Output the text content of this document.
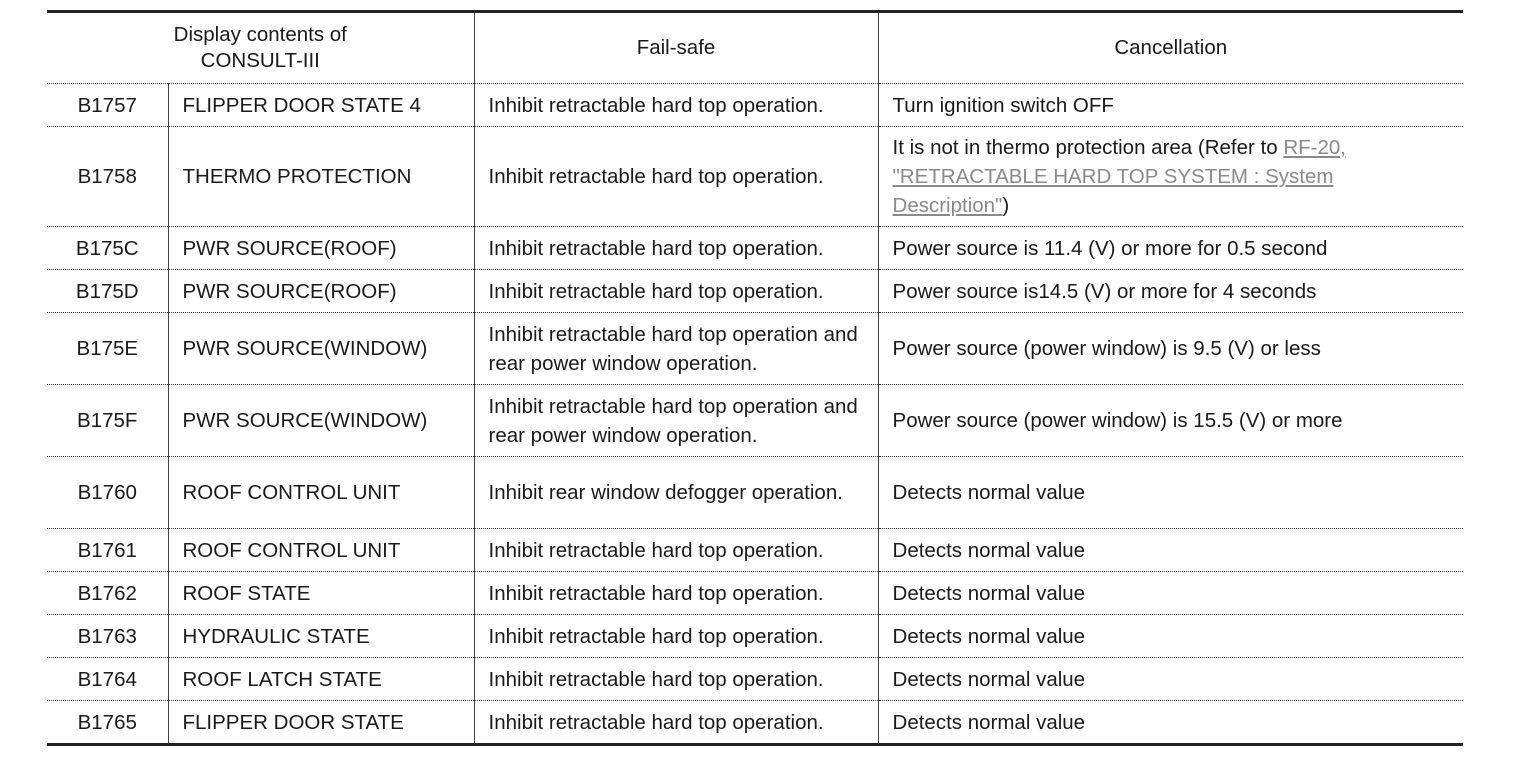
Display contents of
CONSULT-III		Fail-safe	Cancellation
B1757	FLIPPER DOOR STATE 4	Inhibit retractable hard top operation.	Turn ignition switch OFF
B1758	THERMO PROTECTION	Inhibit retractable hard top operation.	It is not in thermo protection area (Refer to RF-20, "RETRACTABLE HARD TOP SYSTEM : System Description")
B175C	PWR SOURCE(ROOF)	Inhibit retractable hard top operation.	Power source is 11.4 (V) or more for 0.5 second
B175D	PWR SOURCE(ROOF)	Inhibit retractable hard top operation.	Power source is14.5 (V) or more for 4 seconds
B175E	PWR SOURCE(WINDOW)	Inhibit retractable hard top operation and rear power window operation.	Power source (power window) is 9.5 (V) or less
B175F	PWR SOURCE(WINDOW)	Inhibit retractable hard top operation and rear power window operation.	Power source (power window) is 15.5 (V) or more
B1760	ROOF CONTROL UNIT	Inhibit rear window defogger operation.	Detects normal value
B1761	ROOF CONTROL UNIT	Inhibit retractable hard top operation.	Detects normal value
B1762	ROOF STATE	Inhibit retractable hard top operation.	Detects normal value
B1763	HYDRAULIC STATE	Inhibit retractable hard top operation.	Detects normal value
B1764	ROOF LATCH STATE	Inhibit retractable hard top operation.	Detects normal value
B1765	FLIPPER DOOR STATE	Inhibit retractable hard top operation.	Detects normal value
